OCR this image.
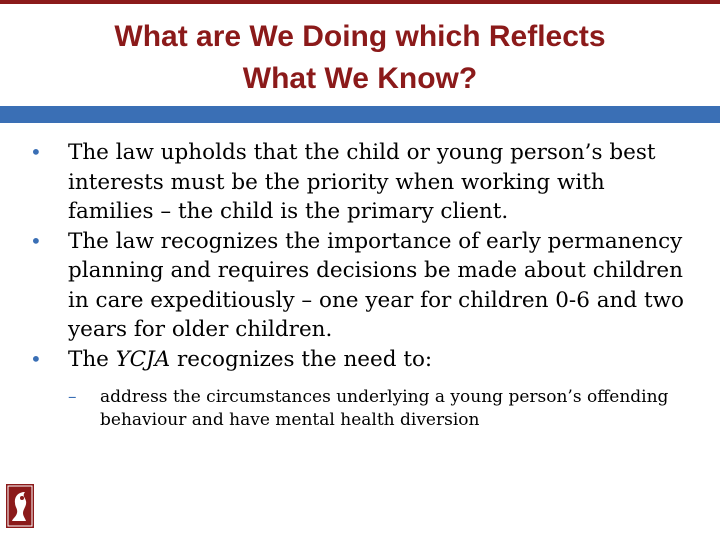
What are We Doing which Reflects
What We Know?
•	The law upholds that the child or young person’s best interests must be the priority when working with families – the child is the primary client.
•	The law recognizes the importance of early permanency planning and requires decisions be made about children in care expeditiously – one year for children 0-6 and two years for older children.
•	The YCJA recognizes the need to:
– address the circumstances underlying a young person’s offending behaviour and have mental health diversion
